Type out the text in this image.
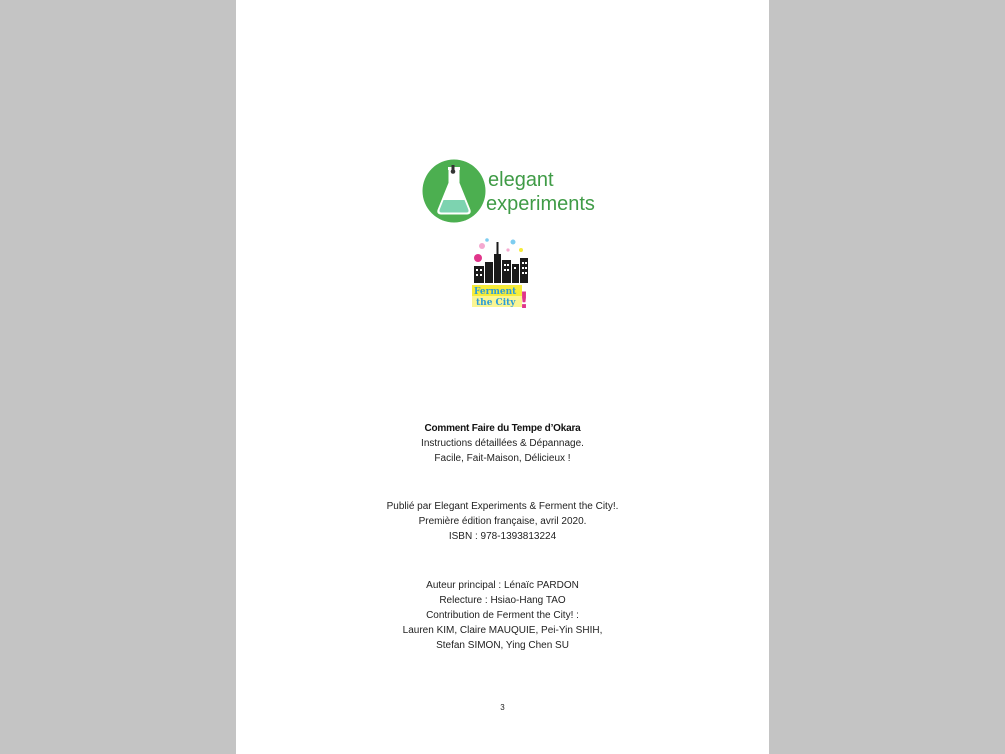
elegant
experiments
Ferment
the City !
Comment Faire du Tempe d’Okara
Instructions détaillées & Dépannage.
Facile, Fait-Maison, Délicieux !
Publié par Elegant Experiments & Ferment the City!.
Première édition française, avril 2020.
ISBN : 978-1393813224
Auteur principal : Lénaïc PARDON
Relecture : Hsiao-Hang TAO
Contribution de Ferment the City! :
Lauren KIM, Claire MAUQUIE, Pei-Yin SHIH,
Stefan SIMON, Ying Chen SU
3
